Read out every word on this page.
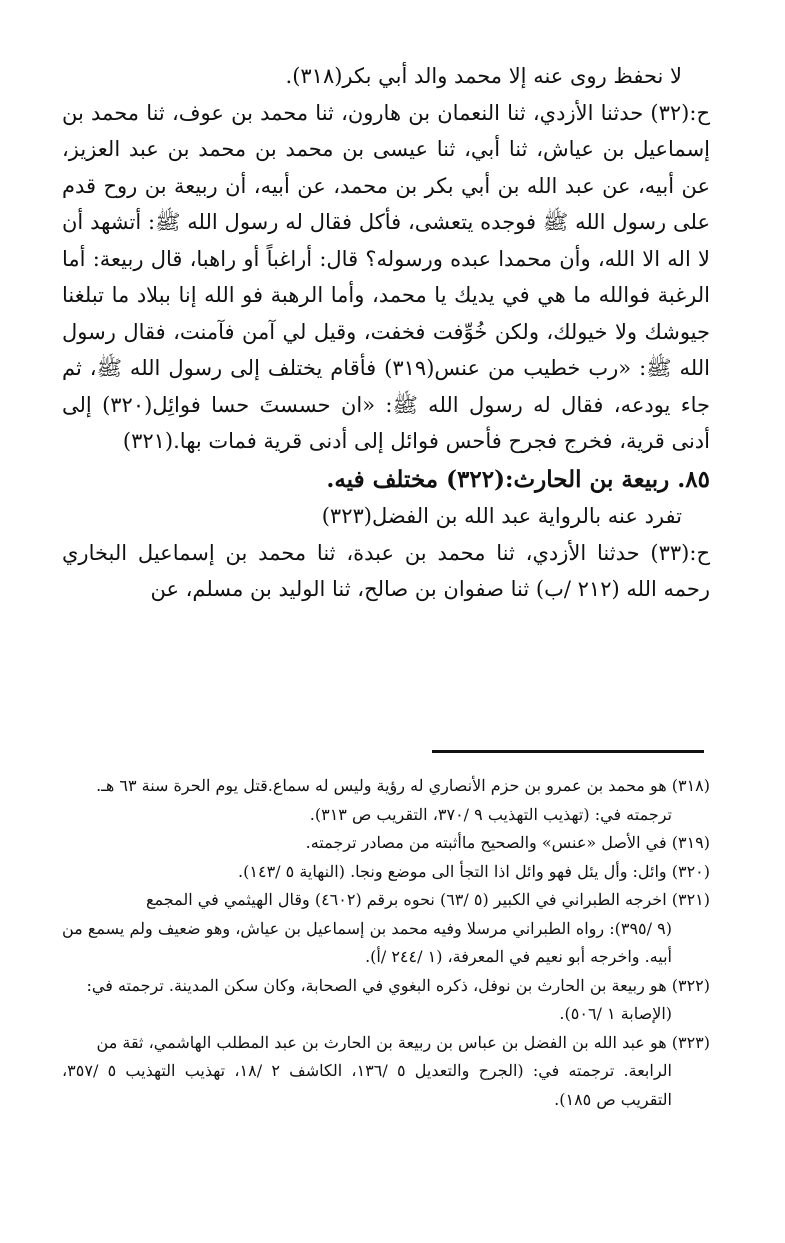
لا نحفظ روى عنه إلا محمد والد أبي بكر(٣١٨).

ح:(٣٢) حدثنا الأزدي، ثنا النعمان بن هارون، ثنا محمد بن عوف، ثنا محمد بن إسماعيل بن عياش، ثنا أبي، ثنا عيسى بن محمد بن محمد بن عبد العزيز، عن أبيه، عن عبد الله بن أبي بكر بن محمد، عن أبيه، أن ربيعة بن روح قدم على رسول الله ﷺ فوجده يتعشى، فأكل فقال له رسول الله ﷺ: أتشهد أن لا اله الا الله، وأن محمدا عبده ورسوله؟ قال: أراغباً أو راهبا، قال ربيعة: أما الرغبة فوالله ما هي في يديك يا محمد، وأما الرهبة فو الله إنا ببلاد ما تبلغنا جيوشك ولا خيولك، ولكن خُوِّفت فخفت، وقيل لي آمن فآمنت، فقال رسول الله ﷺ: «رب خطيب من عنس(٣١٩) فأقام يختلف إلى رسول الله ﷺ، ثم جاء يودعه، فقال له رسول الله ﷺ: «ان حسستَ حسا فوائِل(٣٢٠) إلى أدنى قرية، فخرج فجرح فأحس فوائل إلى أدنى قرية فمات بها.(٣٢١)

٨٥. ربيعة بن الحارث:(٣٢٢) مختلف فيه.

تفرد عنه بالرواية عبد الله بن الفضل(٣٢٣)

ح:(٣٣) حدثنا الأزدي، ثنا محمد بن عبدة، ثنا محمد بن إسماعيل البخاري رحمه الله (٢١٢ /ب) ثنا صفوان بن صالح، ثنا الوليد بن مسلم، عن

(٣١٨) هو محمد بن عمرو بن حزم الأنصاري له رؤية وليس له سماع.قتل يوم الحرة سنة ٦٣ هـ.

ترجمته في: (تهذيب التهذيب ٩ /٣٧٠، التقريب ص ٣١٣).

(٣١٩) في الأصل «عنس» والصحيح ماأثبته من مصادر ترجمته.

(٣٢٠) وائل: وأل يئل فهو وائل اذا التجأ الى موضع ونجا. (النهاية ٥ /١٤٣).

(٣٢١) اخرجه الطبراني في الكبير (٥ /٦٣) نحوه برقم (٤٦٠٢) وقال الهيثمي في المجمع

(٩ /٣٩٥): رواه الطبراني مرسلا وفيه محمد بن إسماعيل بن عياش، وهو ضعيف ولم يسمع من أبيه. واخرجه أبو نعيم في المعرفة، (١ /٢٤٤ /أ).

(٣٢٢) هو ربيعة بن الحارث بن نوفل، ذكره البغوي في الصحابة، وكان سكن المدينة. ترجمته في:

(الإصابة ١ /٥٠٦).

(٣٢٣) هو عبد الله بن الفضل بن عباس بن ربيعة بن الحارث بن عبد المطلب الهاشمي، ثقة من

الرابعة. ترجمته في: (الجرح والتعديل ٥ /١٣٦، الكاشف ٢ /١٨، تهذيب التهذيب ٥ /٣٥٧، التقريب ص ١٨٥).
